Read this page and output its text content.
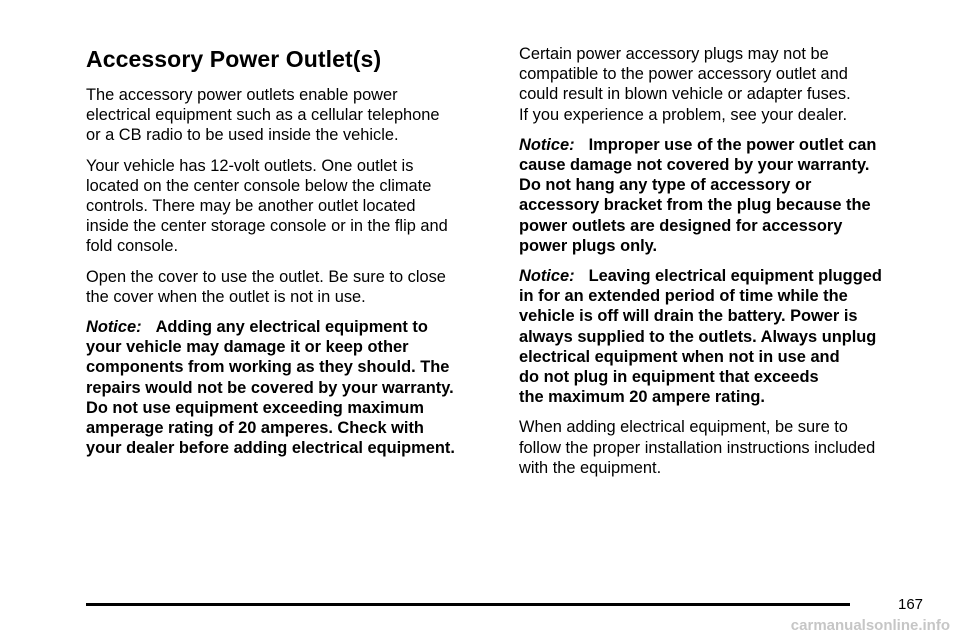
Accessory Power Outlet(s)

The accessory power outlets enable power
electrical equipment such as a cellular telephone
or a CB radio to be used inside the vehicle.

Your vehicle has 12-volt outlets. One outlet is
located on the center console below the climate
controls. There may be another outlet located
inside the center storage console or in the flip and
fold console.

Open the cover to use the outlet. Be sure to close
the cover when the outlet is not in use.

Notice: Adding any electrical equipment to
your vehicle may damage it or keep other
components from working as they should. The
repairs would not be covered by your warranty.
Do not use equipment exceeding maximum
amperage rating of 20 amperes. Check with
your dealer before adding electrical equipment.

Certain power accessory plugs may not be
compatible to the power accessory outlet and
could result in blown vehicle or adapter fuses.
If you experience a problem, see your dealer.

Notice: Improper use of the power outlet can
cause damage not covered by your warranty.
Do not hang any type of accessory or
accessory bracket from the plug because the
power outlets are designed for accessory
power plugs only.

Notice: Leaving electrical equipment plugged
in for an extended period of time while the
vehicle is off will drain the battery. Power is
always supplied to the outlets. Always unplug
electrical equipment when not in use and
do not plug in equipment that exceeds
the maximum 20 ampere rating.

When adding electrical equipment, be sure to
follow the proper installation instructions included
with the equipment.

167
carmanualsonline.info
